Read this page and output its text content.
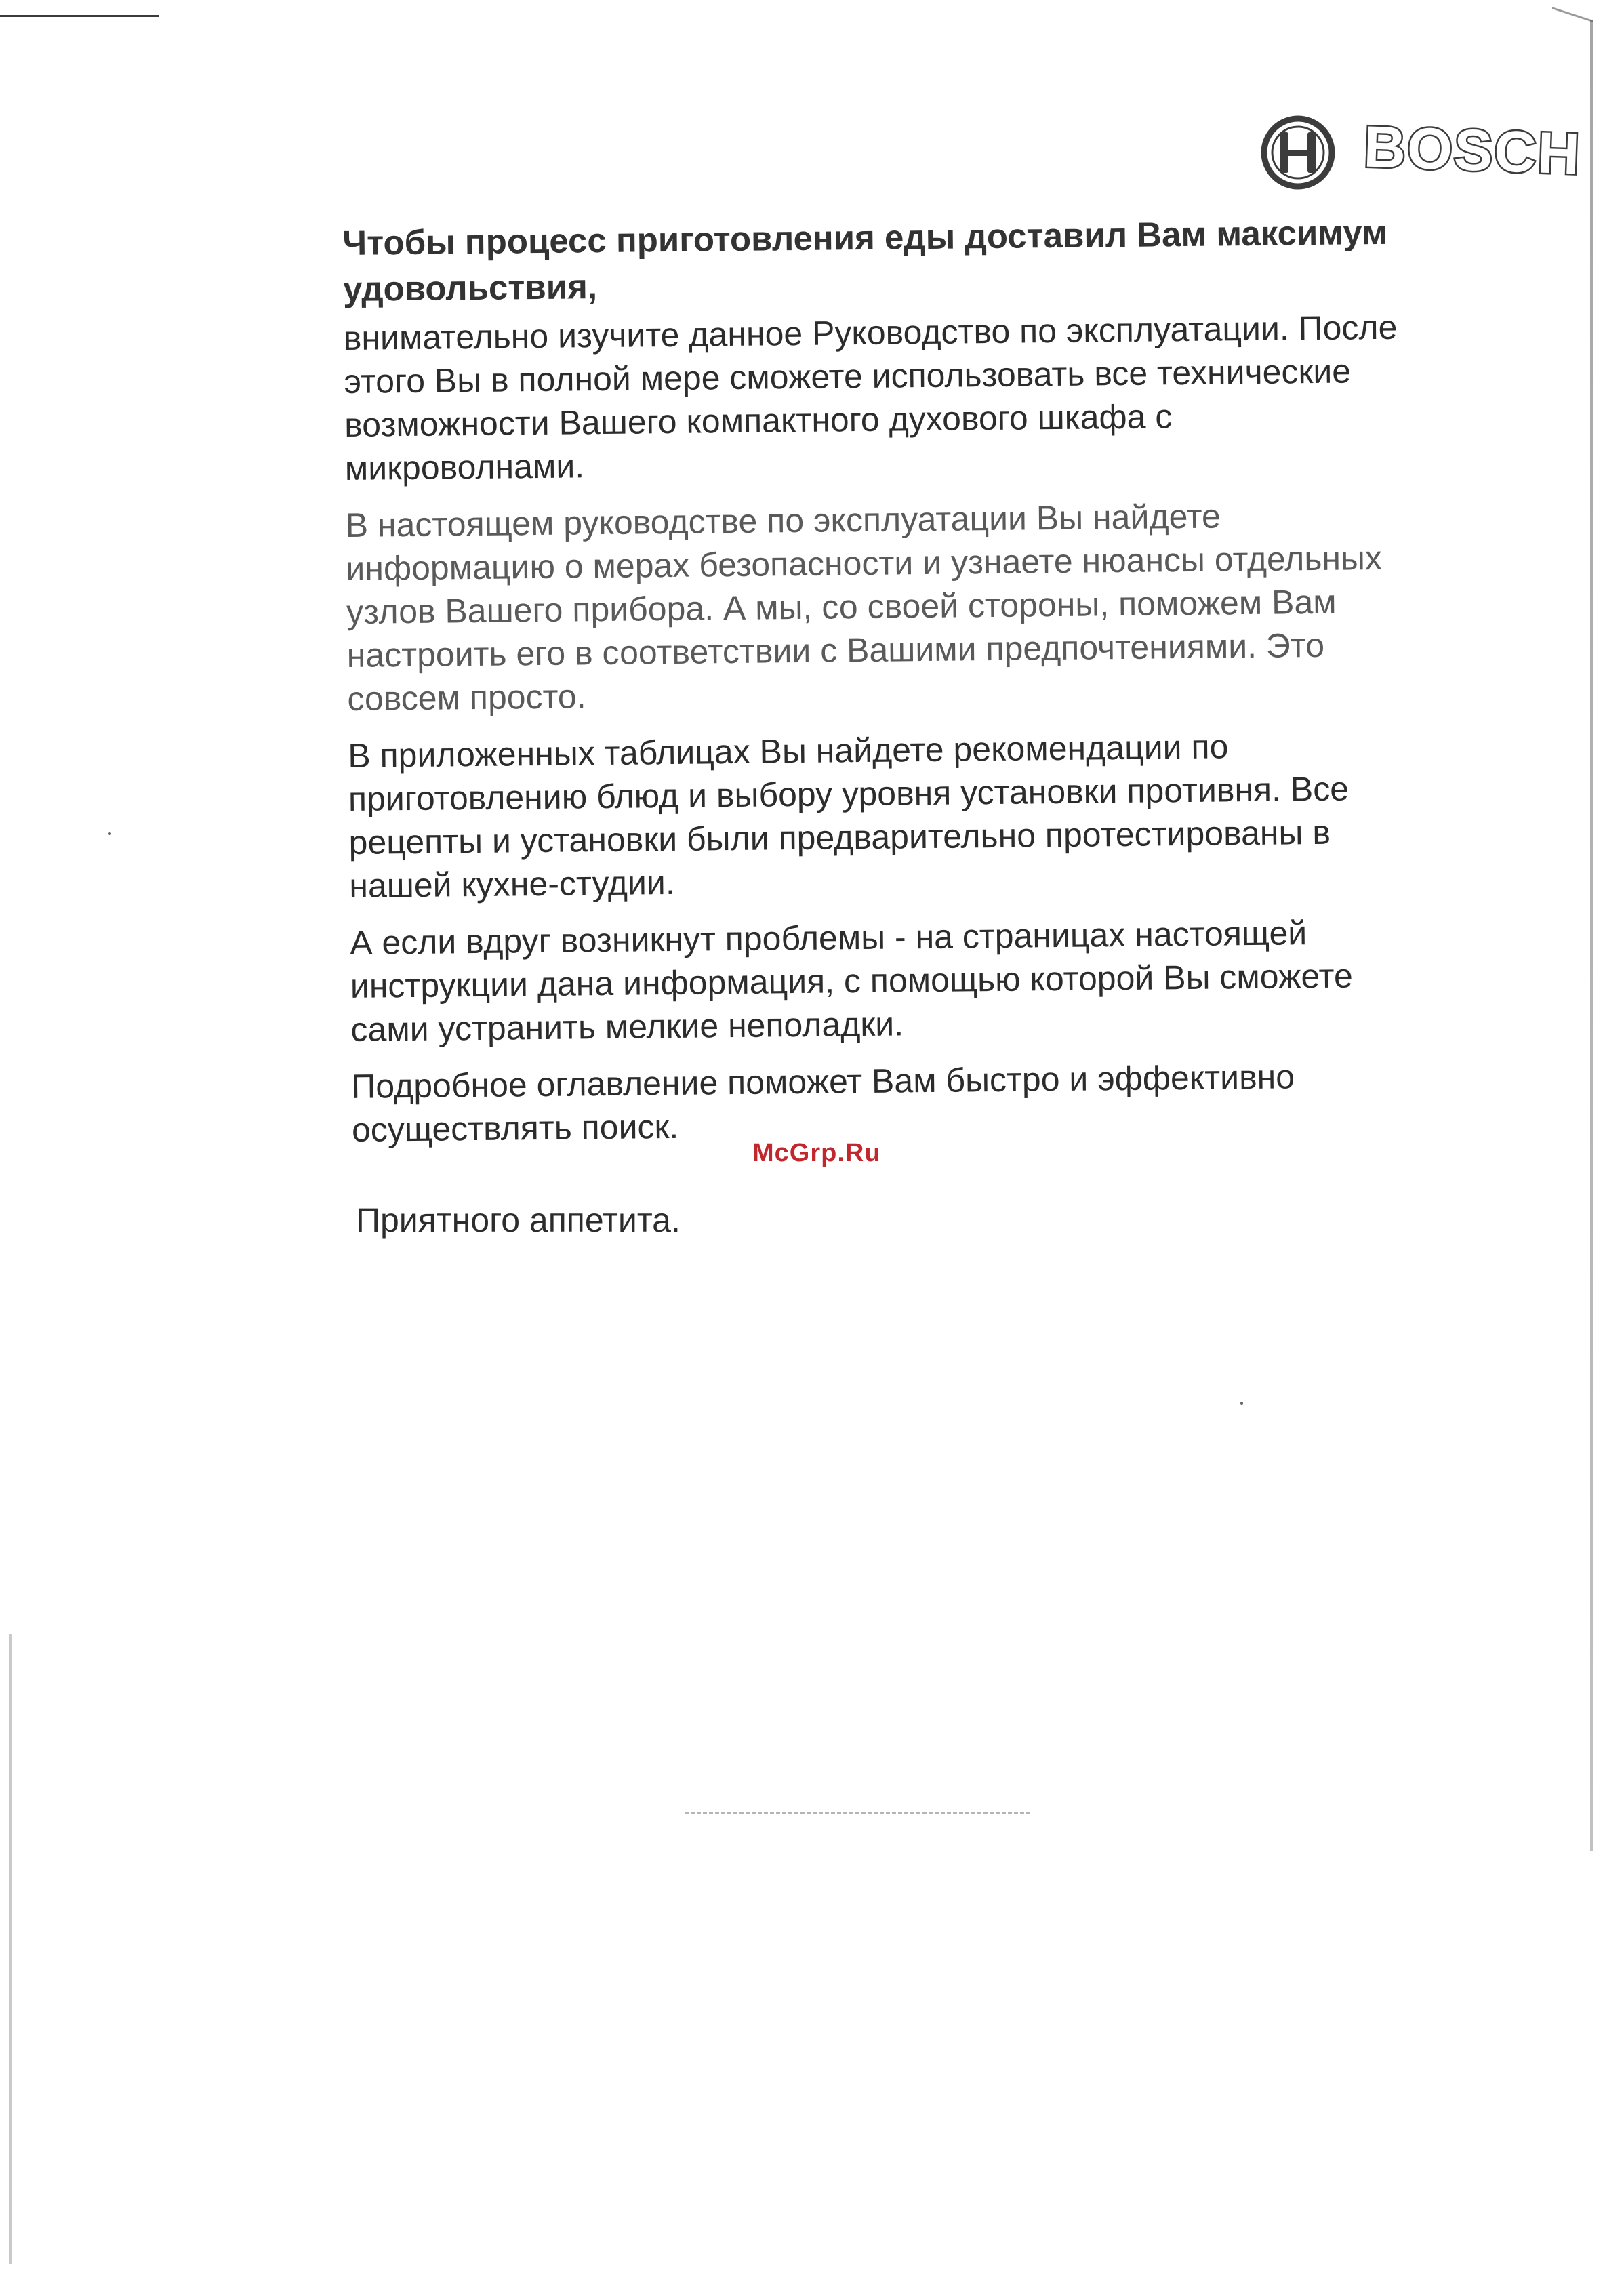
BOSCH

Чтобы процесс приготовления еды доставил Вам максимум удовольствия,

внимательно изучите данное Руководство по эксплуатации. После этого Вы в полной мере сможете использовать все технические возможности Вашего компактного духового шкафа с микроволнами.

В настоящем руководстве по эксплуатации Вы найдете информацию о мерах безопасности и узнаете нюансы отдельных узлов Вашего прибора. А мы, со своей стороны, поможем Вам настроить его в соответствии с Вашими предпочтениями. Это совсем просто.

В приложенных таблицах Вы найдете рекомендации по приготовлению блюд и выбору уровня установки противня. Все рецепты и установки были предварительно протестированы в нашей кухне-студии.

А если вдруг возникнут проблемы - на страницах настоящей инструкции дана информация, с помощью которой Вы сможете сами устранить мелкие неполадки.

Подробное оглавление поможет Вам быстро и эффективно осуществлять поиск.

McGrp.Ru
Приятного аппетита.
